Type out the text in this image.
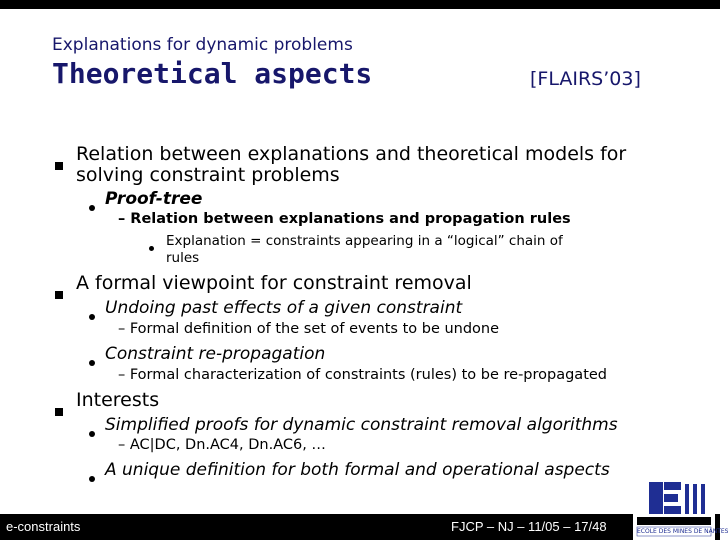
Explanations for dynamic problems
Theoretical aspects	[FLAIRS’03]
Relation between explanations and theoretical models for
solving constraint problems
Proof-tree
– Relation between explanations and propagation rules
Explanation = constraints appearing in a “logical” chain of
rules
A formal viewpoint for constraint removal
Undoing past effects of a given constraint
– Formal definition of the set of events to be undone
Constraint re-propagation
– Formal characterization of constraints (rules) to be re-propagated
Interests
Simplified proofs for dynamic constraint removal algorithms
– AC|DC, Dn.AC4, Dn.AC6, …
A unique definition for both formal and operational aspects
e-constraints	FJCP – NJ – 11/05 – 17/48	ECOLE DES MINES DE NANTES
